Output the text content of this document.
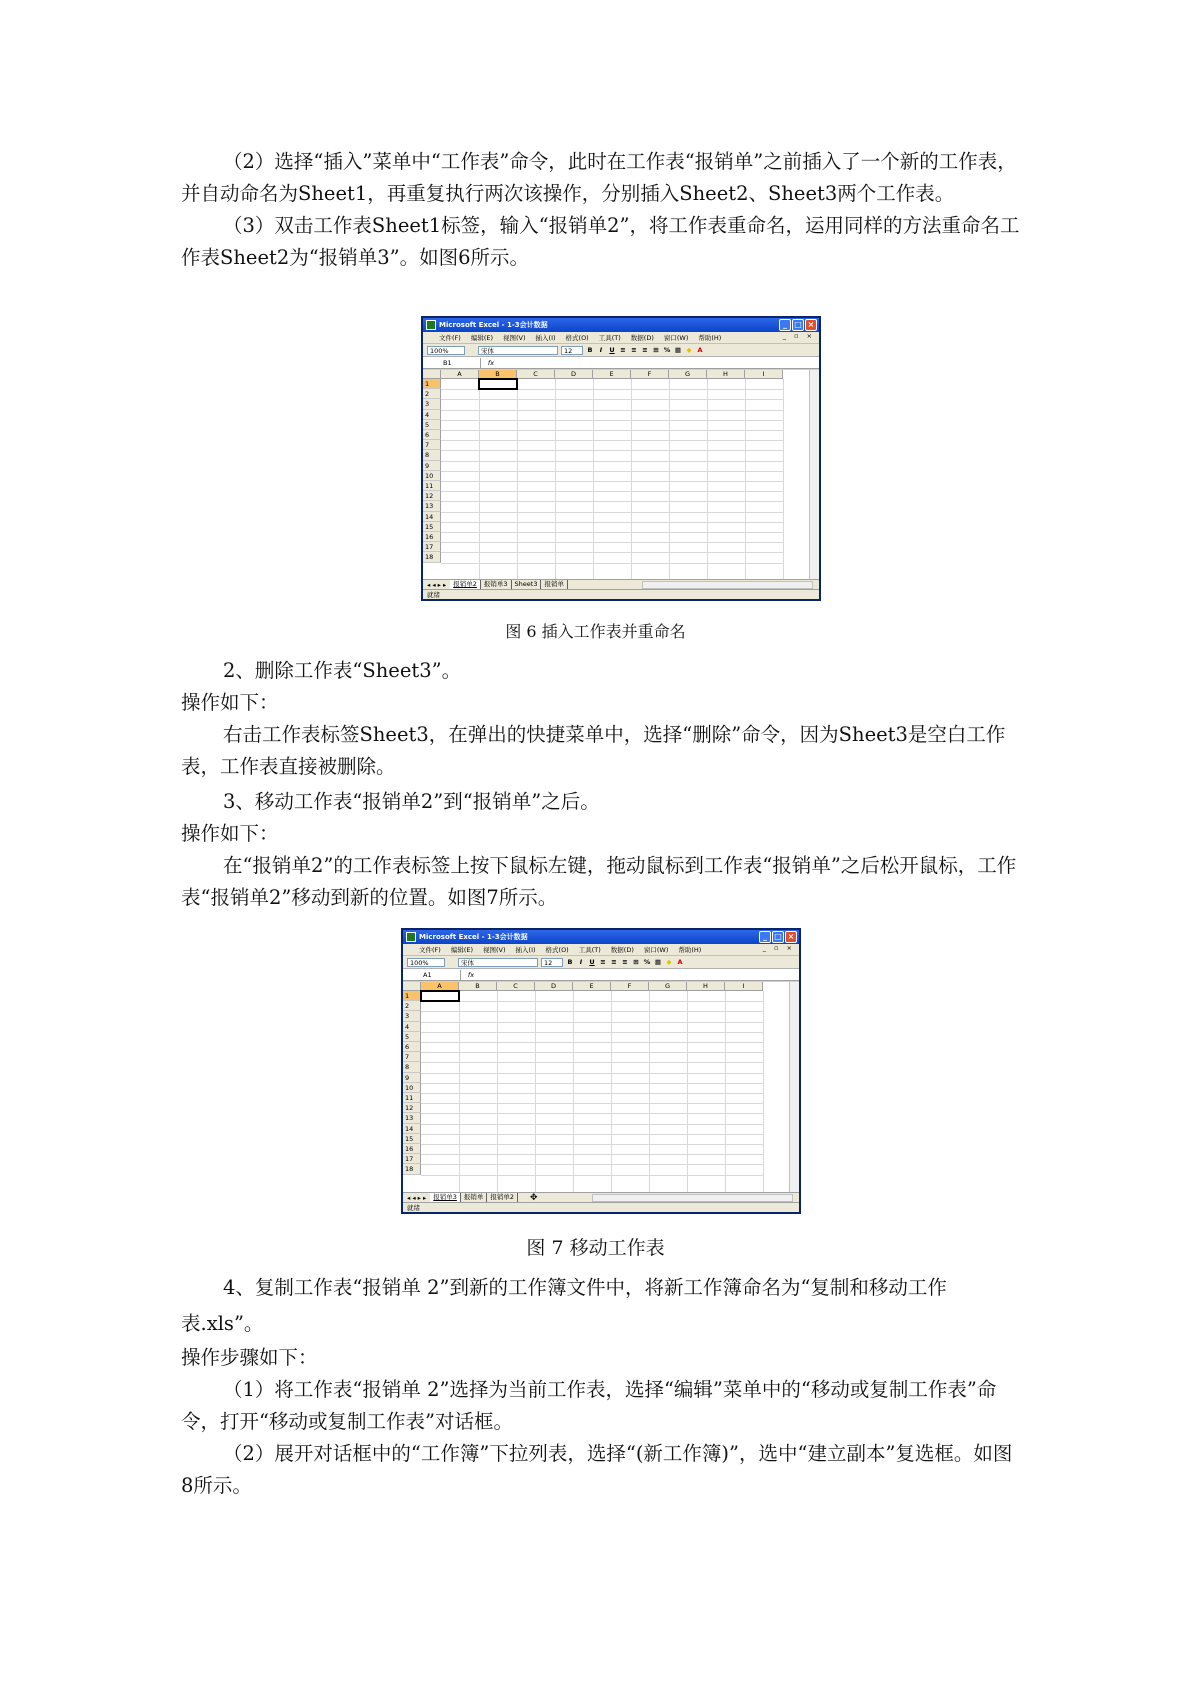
（2）选择“插入”菜单中“工作表”命令，此时在工作表“报销单”之前插入了一个新的工作表，并自动命名为Sheet1，再重复执行两次该操作，分别插入Sheet2、Sheet3两个工作表。
（3）双击工作表Sheet1标签，输入“报销单2”，将工作表重命名，运用同样的方法重命名工作表Sheet2为“报销单3”。如图6所示。
Microsoft Excel - 1-3会计数据	_ □ ×
文件(F) 编辑(E) 视图(V) 插入(I) 格式(O) 工具(T) 数据(D) 窗口(W) 帮助(H)	_ ▫ ×
100%	宋体	12	B	I	U ≡ ≡ ≡ ⊞ % ▦ ◆ A
B1	fx
A	B	C	D	E	F	G	H	I
1
2
3
4
5
6
7
8
9
10
11
12
13
14
15
16
17
18
◂ ◂ ▸ ▸	报销单2	报销单3	Sheet3	报销单
就绪
图 6 插入工作表并重命名
2、删除工作表“Sheet3”。
操作如下：
右击工作表标签Sheet3，在弹出的快捷菜单中，选择“删除”命令，因为Sheet3是空白工作表，工作表直接被删除。
3、移动工作表“报销单2”到“报销单”之后。
操作如下：
在“报销单2”的工作表标签上按下鼠标左键，拖动鼠标到工作表“报销单”之后松开鼠标，工作表“报销单2”移动到新的位置。如图7所示。
Microsoft Excel - 1-3会计数据	_ □ ×
文件(F) 编辑(E) 视图(V) 插入(I) 格式(O) 工具(T) 数据(D) 窗口(W) 帮助(H)	_ ▫ ×
100%	宋体	12	B	I	U ≡ ≡ ≡ ⊞ % ▦ ◆ A
A1	fx
A	B	C	D	E	F	G	H	I
1
2
3
4
5
6
7
8
9
10
11
12
13
14
15
16
17
18
◂ ◂ ▸ ▸	报销单3	报销单	报销单2	✥
就绪
图 7 移动工作表
4、复制工作表“报销单 2”到新的工作簿文件中，将新工作簿命名为“复制和移动工作表.xls”。
操作步骤如下：
（1）将工作表“报销单 2”选择为当前工作表，选择“编辑”菜单中的“移动或复制工作表”命令，打开“移动或复制工作表”对话框。
（2）展开对话框中的“工作簿”下拉列表，选择“(新工作簿)”，选中“建立副本”复选框。如图8所示。
